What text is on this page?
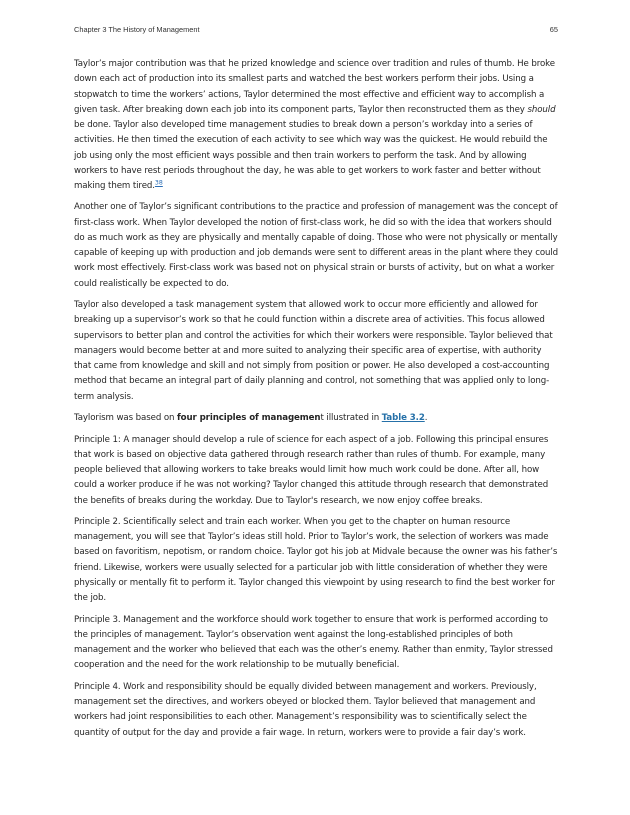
Chapter 3 The History of Management	65

Taylor’s major contribution was that he prized knowledge and science over tradition and rules of thumb. He broke down each act of production into its smallest parts and watched the best workers perform their jobs. Using a stopwatch to time the workers’ actions, Taylor determined the most effective and efficient way to accomplish a given task. After breaking down each job into its component parts, Taylor then reconstructed them as they should be done. Taylor also developed time management studies to break down a person’s workday into a series of activities. He then timed the execution of each activity to see which way was the quickest. He would rebuild the job using only the most efficient ways possible and then train workers to perform the task. And by allowing workers to have rest periods throughout the day, he was able to get workers to work faster and better without making them tired.$^{38}$

Another one of Taylor’s significant contributions to the practice and profession of management was the concept of first-class work. When Taylor developed the notion of first-class work, he did so with the idea that workers should do as much work as they are physically and mentally capable of doing. Those who were not physically or mentally capable of keeping up with production and job demands were sent to different areas in the plant where they could work most effectively. First-class work was based not on physical strain or bursts of activity, but on what a worker could realistically be expected to do.

Taylor also developed a task management system that allowed work to occur more efficiently and allowed for breaking up a supervisor’s work so that he could function within a discrete area of activities. This focus allowed supervisors to better plan and control the activities for which their workers were responsible. Taylor believed that managers would become better at and more suited to analyzing their specific area of expertise, with authority that came from knowledge and skill and not simply from position or power. He also developed a cost-accounting method that became an integral part of daily planning and control, not something that was applied only to long-term analysis.

Taylorism was based on four principles of management illustrated in Table 3.2.

Principle 1: A manager should develop a rule of science for each aspect of a job. Following this principal ensures that work is based on objective data gathered through research rather than rules of thumb. For example, many people believed that allowing workers to take breaks would limit how much work could be done. After all, how could a worker produce if he was not working? Taylor changed this attitude through research that demonstrated the benefits of breaks during the workday. Due to Taylor's research, we now enjoy coffee breaks.

Principle 2. Scientifically select and train each worker. When you get to the chapter on human resource management, you will see that Taylor’s ideas still hold. Prior to Taylor’s work, the selection of workers was made based on favoritism, nepotism, or random choice. Taylor got his job at Midvale because the owner was his father’s friend. Likewise, workers were usually selected for a particular job with little consideration of whether they were physically or mentally fit to perform it. Taylor changed this viewpoint by using research to find the best worker for the job.

Principle 3. Management and the workforce should work together to ensure that work is performed according to the principles of management. Taylor’s observation went against the long-established principles of both management and the worker who believed that each was the other’s enemy. Rather than enmity, Taylor stressed cooperation and the need for the work relationship to be mutually beneficial.

Principle 4. Work and responsibility should be equally divided between management and workers. Previously, management set the directives, and workers obeyed or blocked them. Taylor believed that management and workers had joint responsibilities to each other. Management’s responsibility was to scientifically select the quantity of output for the day and provide a fair wage. In return, workers were to provide a fair day’s work.
